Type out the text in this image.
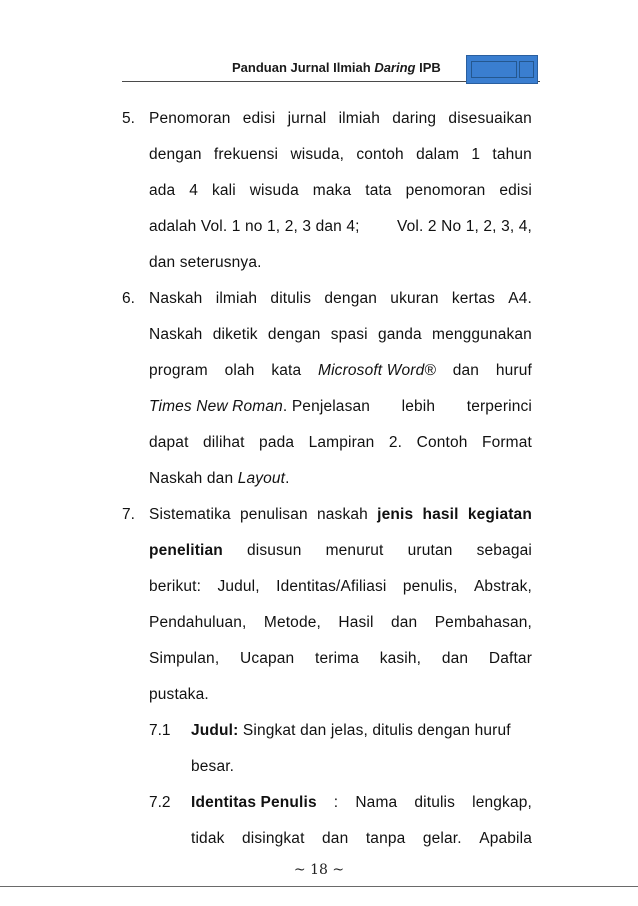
Panduan Jurnal Ilmiah Daring IPB
5. Penomoran edisi jurnal ilmiah daring disesuaikan
dengan frekuensi wisuda, contoh dalam 1 tahun
ada 4 kali wisuda maka tata penomoran edisi
adalah Vol. 1 no 1, 2, 3 dan 4; Vol. 2 No 1, 2, 3, 4,
dan seterusnya.
6. Naskah ilmiah ditulis dengan ukuran kertas A4.
Naskah diketik dengan spasi ganda menggunakan
program olah kata Microsoft Word® dan huruf
Times New Roman. Penjelasan lebih terperinci
dapat dilihat pada Lampiran 2. Contoh Format
Naskah dan Layout.
7. Sistematika penulisan naskah jenis hasil kegiatan
penelitian disusun menurut urutan sebagai
berikut: Judul, Identitas/Afiliasi penulis, Abstrak,
Pendahuluan, Metode, Hasil dan Pembahasan,
Simpulan, Ucapan terima kasih, dan Daftar
pustaka.
7.1 Judul: Singkat dan jelas, ditulis dengan huruf
besar.
7.2 Identitas Penulis : Nama ditulis lengkap,
tidak disingkat dan tanpa gelar. Apabila
~ 18 ~
